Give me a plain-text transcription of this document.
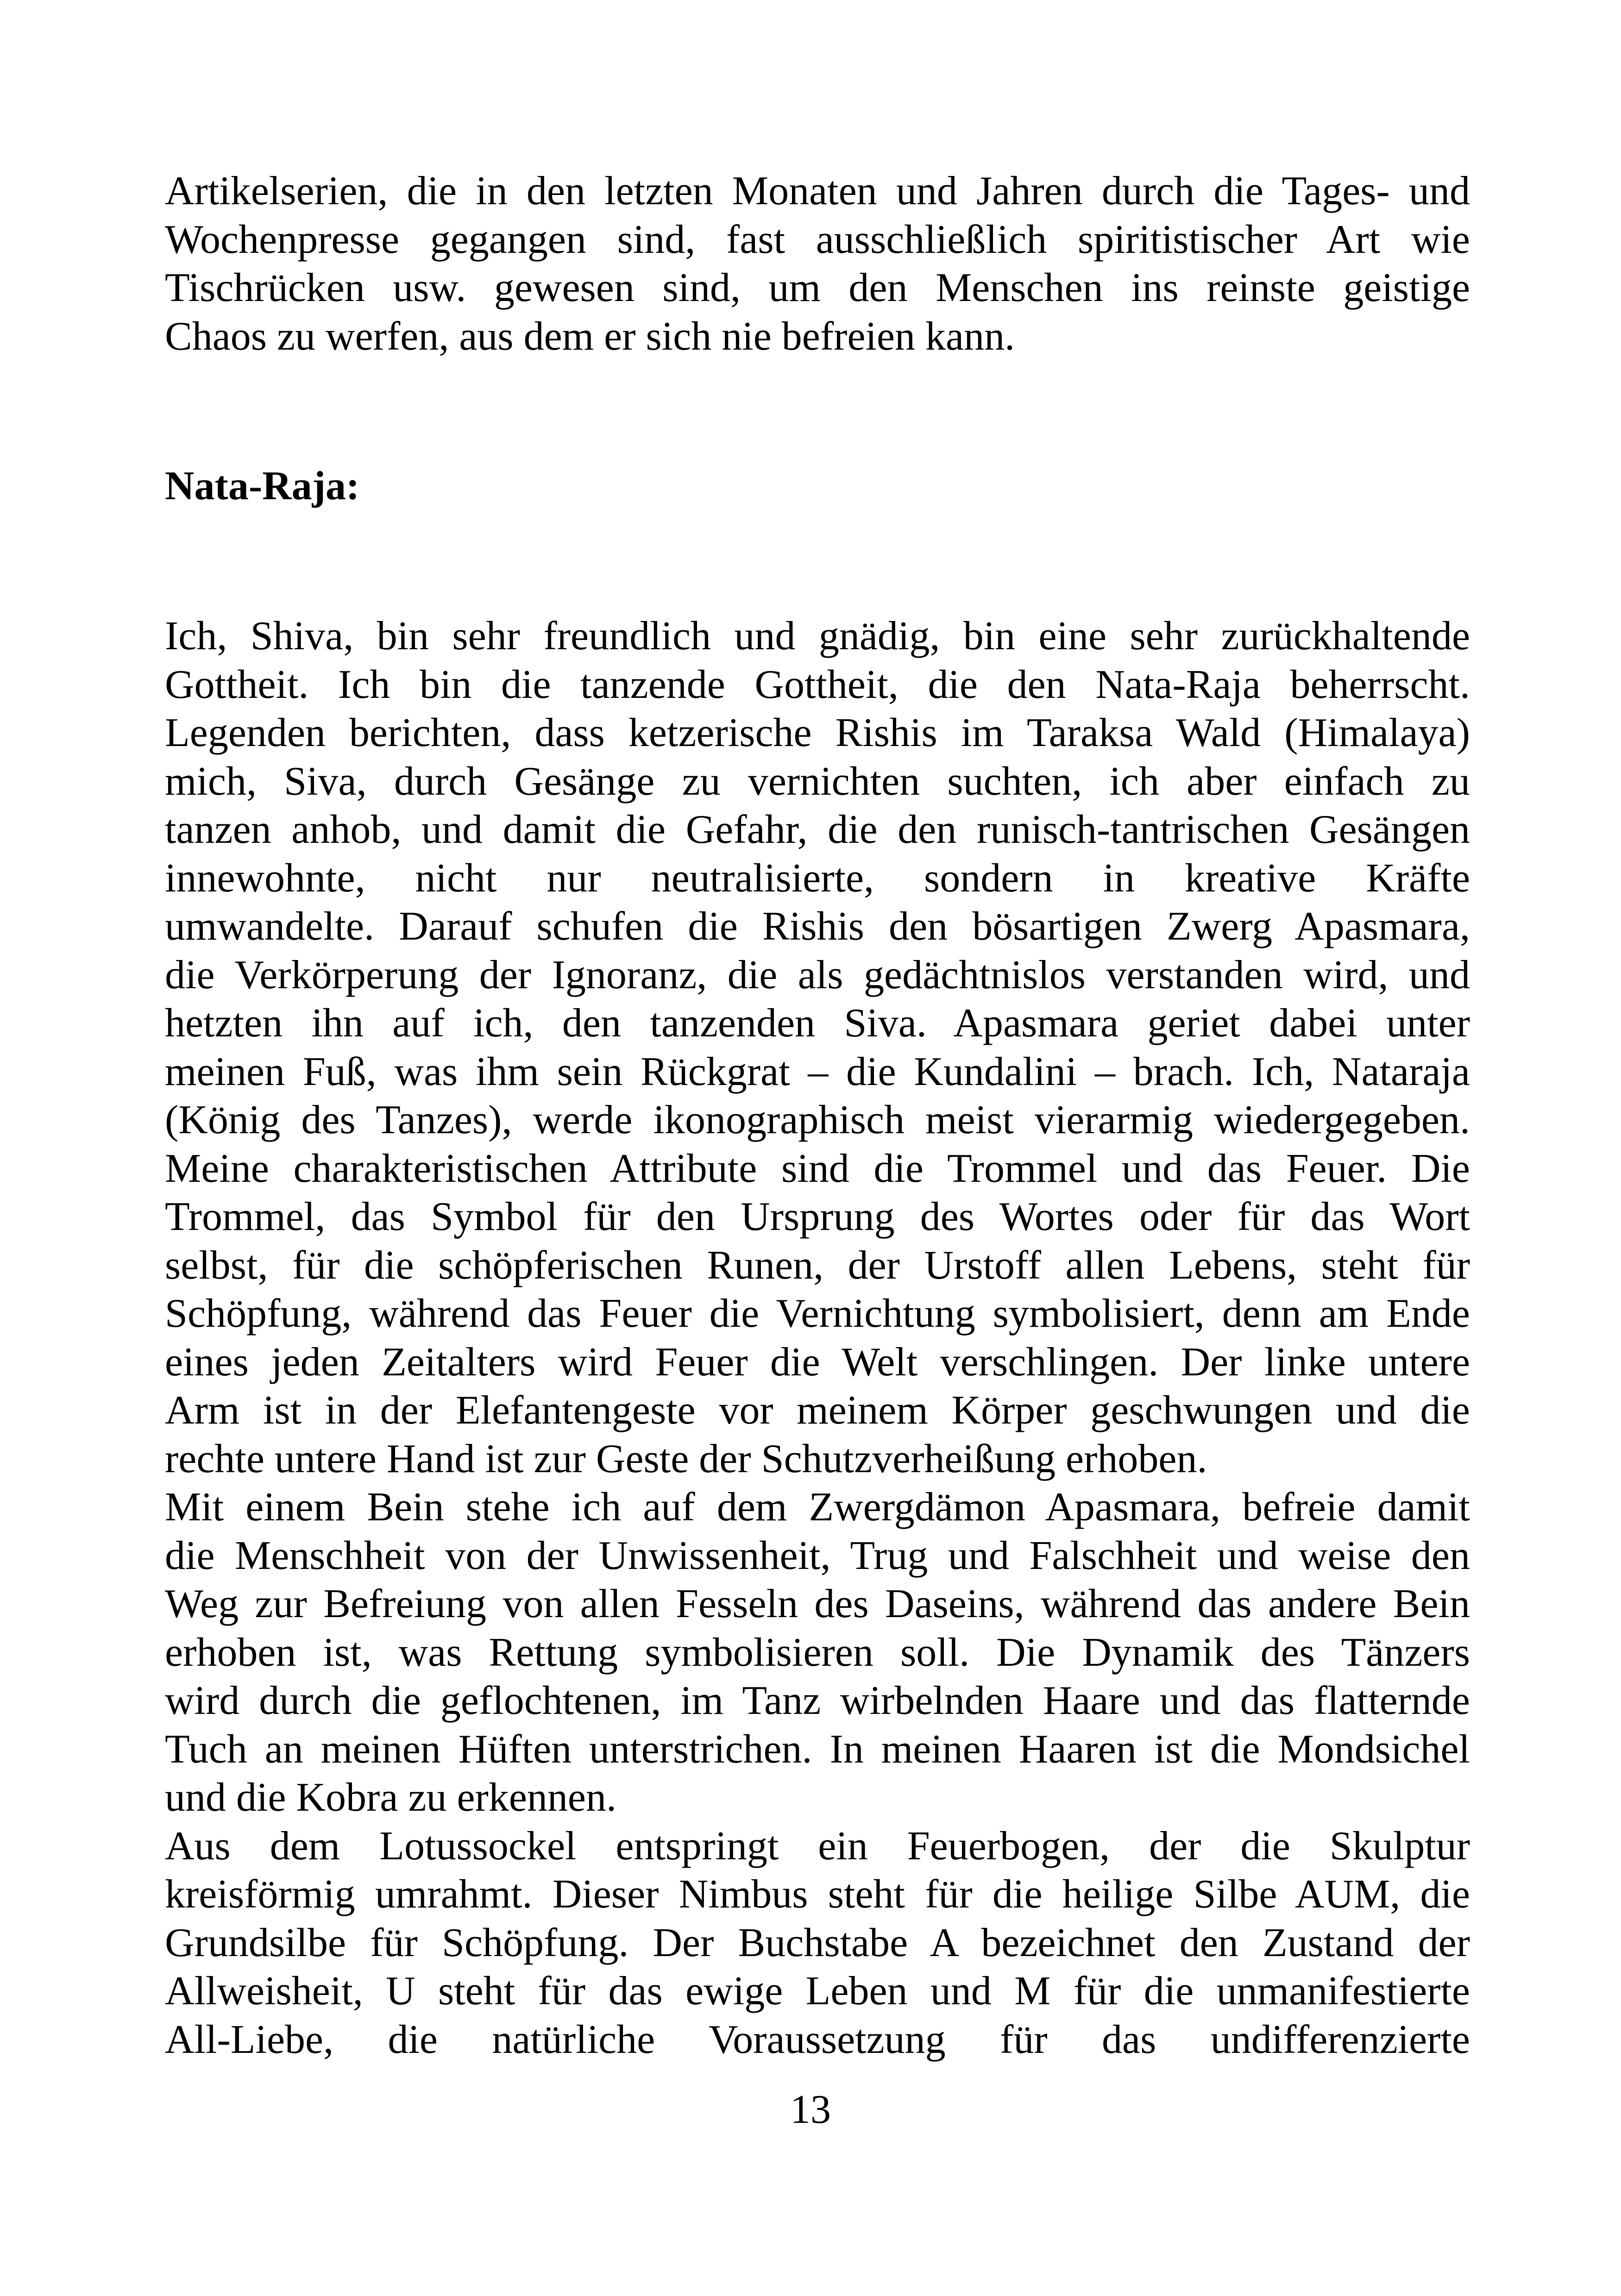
Artikelserien, die in den letzten Monaten und Jahren durch die Tages- und
Wochenpresse gegangen sind, fast ausschließlich spiritistischer Art wie
Tischrücken usw. gewesen sind, um den Menschen ins reinste geistige
Chaos zu werfen, aus dem er sich nie befreien kann.
Nata-Raja:
Ich, Shiva, bin sehr freundlich und gnädig, bin eine sehr zurückhaltende
Gottheit. Ich bin die tanzende Gottheit, die den Nata-Raja beherrscht.
Legenden berichten, dass ketzerische Rishis im Taraksa Wald (Himalaya)
mich, Siva, durch Gesänge zu vernichten suchten, ich aber einfach zu
tanzen anhob, und damit die Gefahr, die den runisch-tantrischen Gesängen
innewohnte, nicht nur neutralisierte, sondern in kreative Kräfte
umwandelte. Darauf schufen die Rishis den bösartigen Zwerg Apasmara,
die Verkörperung der Ignoranz, die als gedächtnislos verstanden wird, und
hetzten ihn auf ich, den tanzenden Siva. Apasmara geriet dabei unter
meinen Fuß, was ihm sein Rückgrat – die Kundalini – brach. Ich, Nataraja
(König des Tanzes), werde ikonographisch meist vierarmig wiedergegeben.
Meine charakteristischen Attribute sind die Trommel und das Feuer. Die
Trommel, das Symbol für den Ursprung des Wortes oder für das Wort
selbst, für die schöpferischen Runen, der Urstoff allen Lebens, steht für
Schöpfung, während das Feuer die Vernichtung symbolisiert, denn am Ende
eines jeden Zeitalters wird Feuer die Welt verschlingen. Der linke untere
Arm ist in der Elefantengeste vor meinem Körper geschwungen und die
rechte untere Hand ist zur Geste der Schutzverheißung erhoben.
Mit einem Bein stehe ich auf dem Zwergdämon Apasmara, befreie damit
die Menschheit von der Unwissenheit, Trug und Falschheit und weise den
Weg zur Befreiung von allen Fesseln des Daseins, während das andere Bein
erhoben ist, was Rettung symbolisieren soll. Die Dynamik des Tänzers
wird durch die geflochtenen, im Tanz wirbelnden Haare und das flatternde
Tuch an meinen Hüften unterstrichen. In meinen Haaren ist die Mondsichel
und die Kobra zu erkennen.
Aus dem Lotussockel entspringt ein Feuerbogen, der die Skulptur
kreisförmig umrahmt. Dieser Nimbus steht für die heilige Silbe AUM, die
Grundsilbe für Schöpfung. Der Buchstabe A bezeichnet den Zustand der
Allweisheit, U steht für das ewige Leben und M für die unmanifestierte
All-Liebe, die natürliche Voraussetzung für das undifferenzierte
13
